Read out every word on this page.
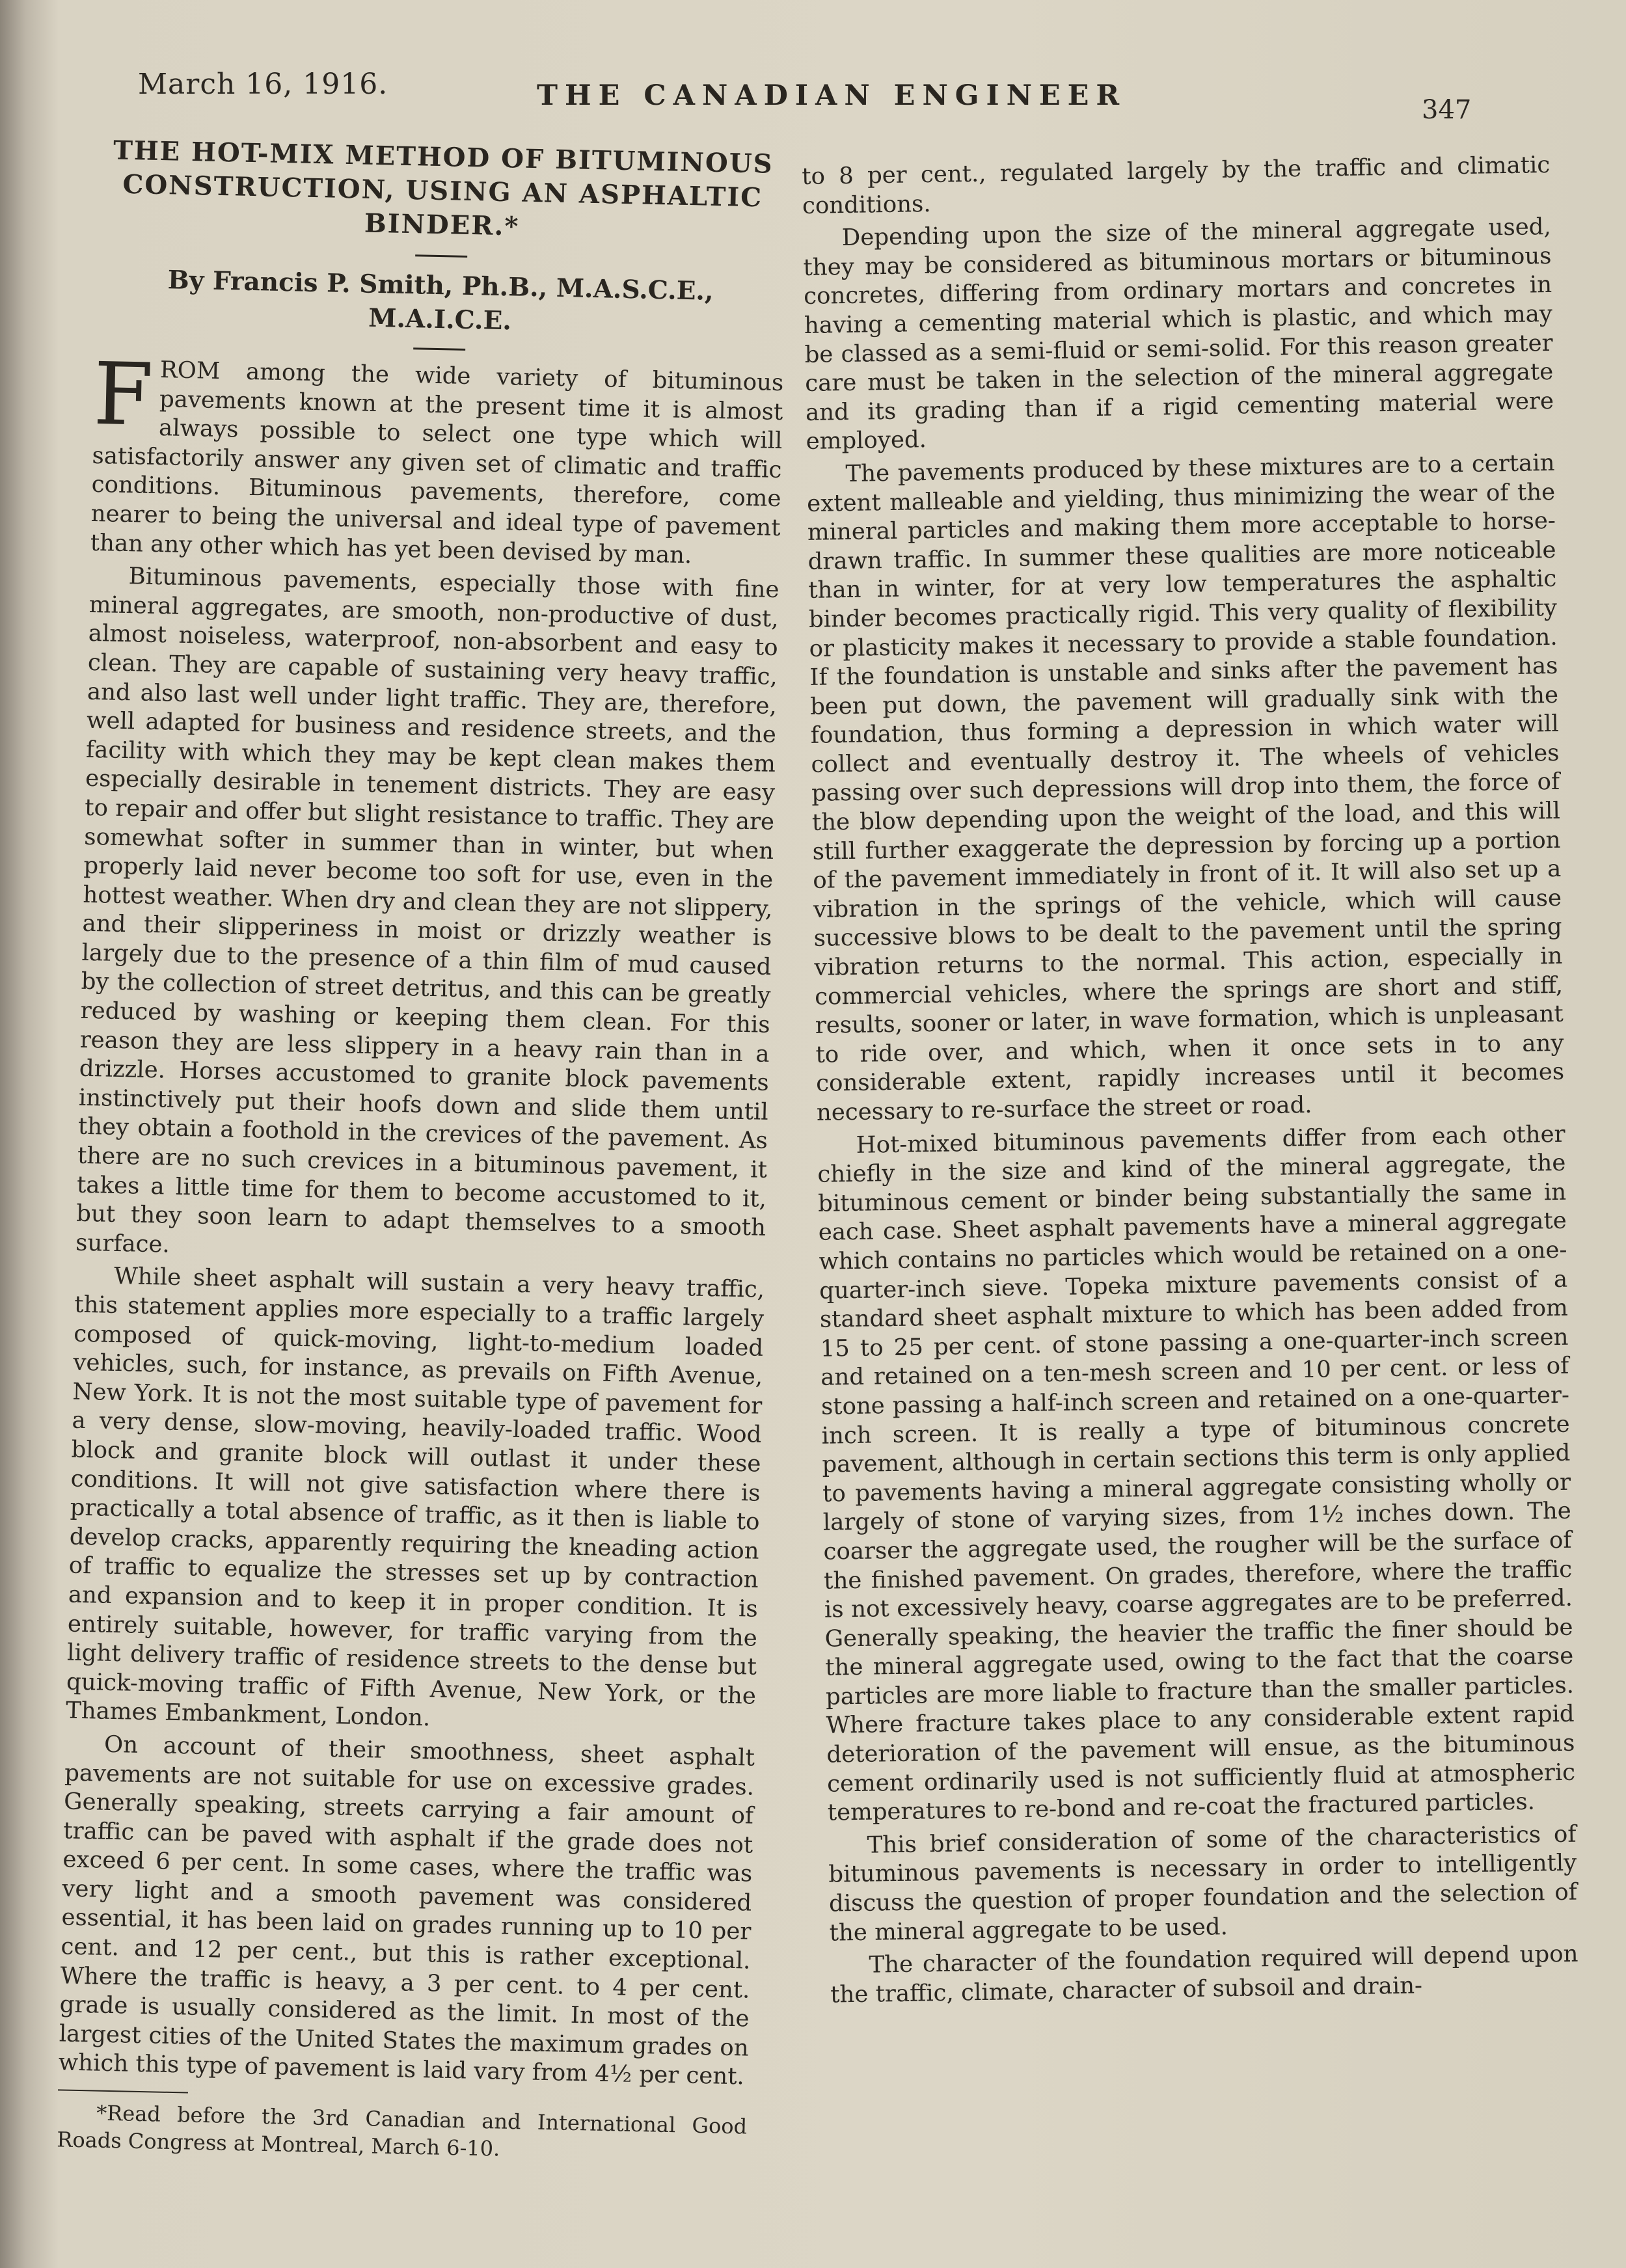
March 16, 1916.	THE CANADIAN ENGINEER	347
THE HOT-MIX METHOD OF BITUMINOUS CONSTRUCTION, USING AN ASPHALTIC BINDER.*

By Francis P. Smith, Ph.B., M.A.S.C.E., M.A.I.C.E.

FROM among the wide variety of bituminous pavements known at the present time it is almost always possible to select one type which will satisfactorily answer any given set of climatic and traffic conditions. Bituminous pavements, therefore, come nearer to being the universal and ideal type of pavement than any other which has yet been devised by man.

Bituminous pavements, especially those with fine mineral aggregates, are smooth, non-productive of dust, almost noiseless, waterproof, non-absorbent and easy to clean. They are capable of sustaining very heavy traffic, and also last well under light traffic. They are, therefore, well adapted for business and residence streets, and the facility with which they may be kept clean makes them especially desirable in tenement districts. They are easy to repair and offer but slight resistance to traffic. They are somewhat softer in summer than in winter, but when properly laid never become too soft for use, even in the hottest weather. When dry and clean they are not slippery, and their slipperiness in moist or drizzly weather is largely due to the presence of a thin film of mud caused by the collection of street detritus, and this can be greatly reduced by washing or keeping them clean. For this reason they are less slippery in a heavy rain than in a drizzle. Horses accustomed to granite block pavements instinctively put their hoofs down and slide them until they obtain a foothold in the crevices of the pavement. As there are no such crevices in a bituminous pavement, it takes a little time for them to become accustomed to it, but they soon learn to adapt themselves to a smooth surface.

While sheet asphalt will sustain a very heavy traffic, this statement applies more especially to a traffic largely composed of quick-moving, light-to-medium loaded vehicles, such, for instance, as prevails on Fifth Avenue, New York. It is not the most suitable type of pavement for a very dense, slow-moving, heavily-loaded traffic. Wood block and granite block will outlast it under these conditions. It will not give satisfaction where there is practically a total absence of traffic, as it then is liable to develop cracks, apparently requiring the kneading action of traffic to equalize the stresses set up by contraction and expansion and to keep it in proper condition. It is entirely suitable, however, for traffic varying from the light delivery traffic of residence streets to the dense but quick-moving traffic of Fifth Avenue, New York, or the Thames Embankment, London.

On account of their smoothness, sheet asphalt pavements are not suitable for use on excessive grades. Generally speaking, streets carrying a fair amount of traffic can be paved with asphalt if the grade does not exceed 6 per cent. In some cases, where the traffic was very light and a smooth pavement was considered essential, it has been laid on grades running up to 10 per cent. and 12 per cent., but this is rather exceptional. Where the traffic is heavy, a 3 per cent. to 4 per cent. grade is usually considered as the limit. In most of the largest cities of the United States the maximum grades on which this type of pavement is laid vary from 4½ per cent.

*Read before the 3rd Canadian and International Good Roads Congress at Montreal, March 6-10.

to 8 per cent., regulated largely by the traffic and climatic conditions.

Depending upon the size of the mineral aggregate used, they may be considered as bituminous mortars or bituminous concretes, differing from ordinary mortars and concretes in having a cementing material which is plastic, and which may be classed as a semi-fluid or semi-solid. For this reason greater care must be taken in the selection of the mineral aggregate and its grading than if a rigid cementing material were employed.

The pavements produced by these mixtures are to a certain extent malleable and yielding, thus minimizing the wear of the mineral particles and making them more acceptable to horse-drawn traffic. In summer these qualities are more noticeable than in winter, for at very low temperatures the asphaltic binder becomes practically rigid. This very quality of flexibility or plasticity makes it necessary to provide a stable foundation. If the foundation is unstable and sinks after the pavement has been put down, the pavement will gradually sink with the foundation, thus forming a depression in which water will collect and eventually destroy it. The wheels of vehicles passing over such depressions will drop into them, the force of the blow depending upon the weight of the load, and this will still further exaggerate the depression by forcing up a portion of the pavement immediately in front of it. It will also set up a vibration in the springs of the vehicle, which will cause successive blows to be dealt to the pavement until the spring vibration returns to the normal. This action, especially in commercial vehicles, where the springs are short and stiff, results, sooner or later, in wave formation, which is unpleasant to ride over, and which, when it once sets in to any considerable extent, rapidly increases until it becomes necessary to re-surface the street or road.

Hot-mixed bituminous pavements differ from each other chiefly in the size and kind of the mineral aggregate, the bituminous cement or binder being substantially the same in each case. Sheet asphalt pavements have a mineral aggregate which contains no particles which would be retained on a one-quarter-inch sieve. Topeka mixture pavements consist of a standard sheet asphalt mixture to which has been added from 15 to 25 per cent. of stone passing a one-quarter-inch screen and retained on a ten-mesh screen and 10 per cent. or less of stone passing a half-inch screen and retained on a one-quarter-inch screen. It is really a type of bituminous concrete pavement, although in certain sections this term is only applied to pavements having a mineral aggregate consisting wholly or largely of stone of varying sizes, from 1½ inches down. The coarser the aggregate used, the rougher will be the surface of the finished pavement. On grades, therefore, where the traffic is not excessively heavy, coarse aggregates are to be preferred. Generally speaking, the heavier the traffic the finer should be the mineral aggregate used, owing to the fact that the coarse particles are more liable to fracture than the smaller particles. Where fracture takes place to any considerable extent rapid deterioration of the pavement will ensue, as the bituminous cement ordinarily used is not sufficiently fluid at atmospheric temperatures to re-bond and re-coat the fractured particles.

This brief consideration of some of the characteristics of bituminous pavements is necessary in order to intelligently discuss the question of proper foundation and the selection of the mineral aggregate to be used.

The character of the foundation required will depend upon the traffic, climate, character of subsoil and drain-
